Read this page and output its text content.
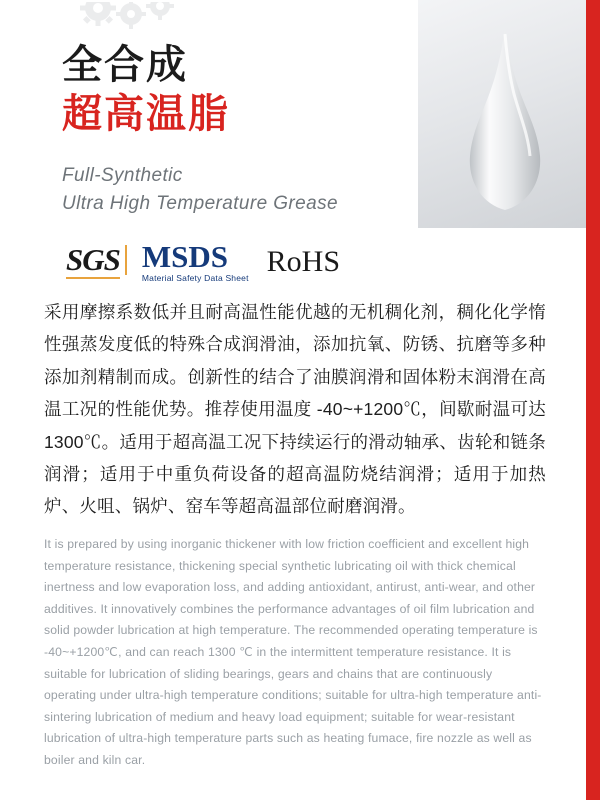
全合成
超高温脂
Full-Synthetic
Ultra High Temperature Grease
SGS MSDS
Material Safety Data Sheet
RoHS
采用摩擦系数低并且耐高温性能优越的无机稠化剂，稠化化学惰性强蒸发度低的特殊合成润滑油，添加抗氧、防锈、抗磨等多种添加剂精制而成。创新性的结合了油膜润滑和固体粉末润滑在高温工况的性能优势。推荐使用温度 -40~+1200℃，间歇耐温可达 1300℃。适用于超高温工况下持续运行的滑动轴承、齿轮和链条润滑；适用于中重负荷设备的超高温防烧结润滑；适用于加热炉、火咀、锅炉、窑车等超高温部位耐磨润滑。
It is prepared by using inorganic thickener with low friction coefficient and excellent high temperature resistance, thickening special synthetic lubricating oil with thick chemical inertness and low evaporation loss, and adding antioxidant, antirust, anti-wear, and other additives. It innovatively combines the performance advantages of oil film lubrication and solid powder lubrication at high temperature. The recommended operating temperature is -40~+1200℃, and can reach 1300 ℃ in the intermittent temperature resistance. It is suitable for lubrication of sliding bearings, gears and chains that are continuously operating under ultra-high temperature conditions; suitable for ultra-high temperature anti-sintering lubrication of medium and heavy load equipment; suitable for wear-resistant lubrication of ultra-high temperature parts such as heating fumace, fire nozzle as well as boiler and kiln car.
